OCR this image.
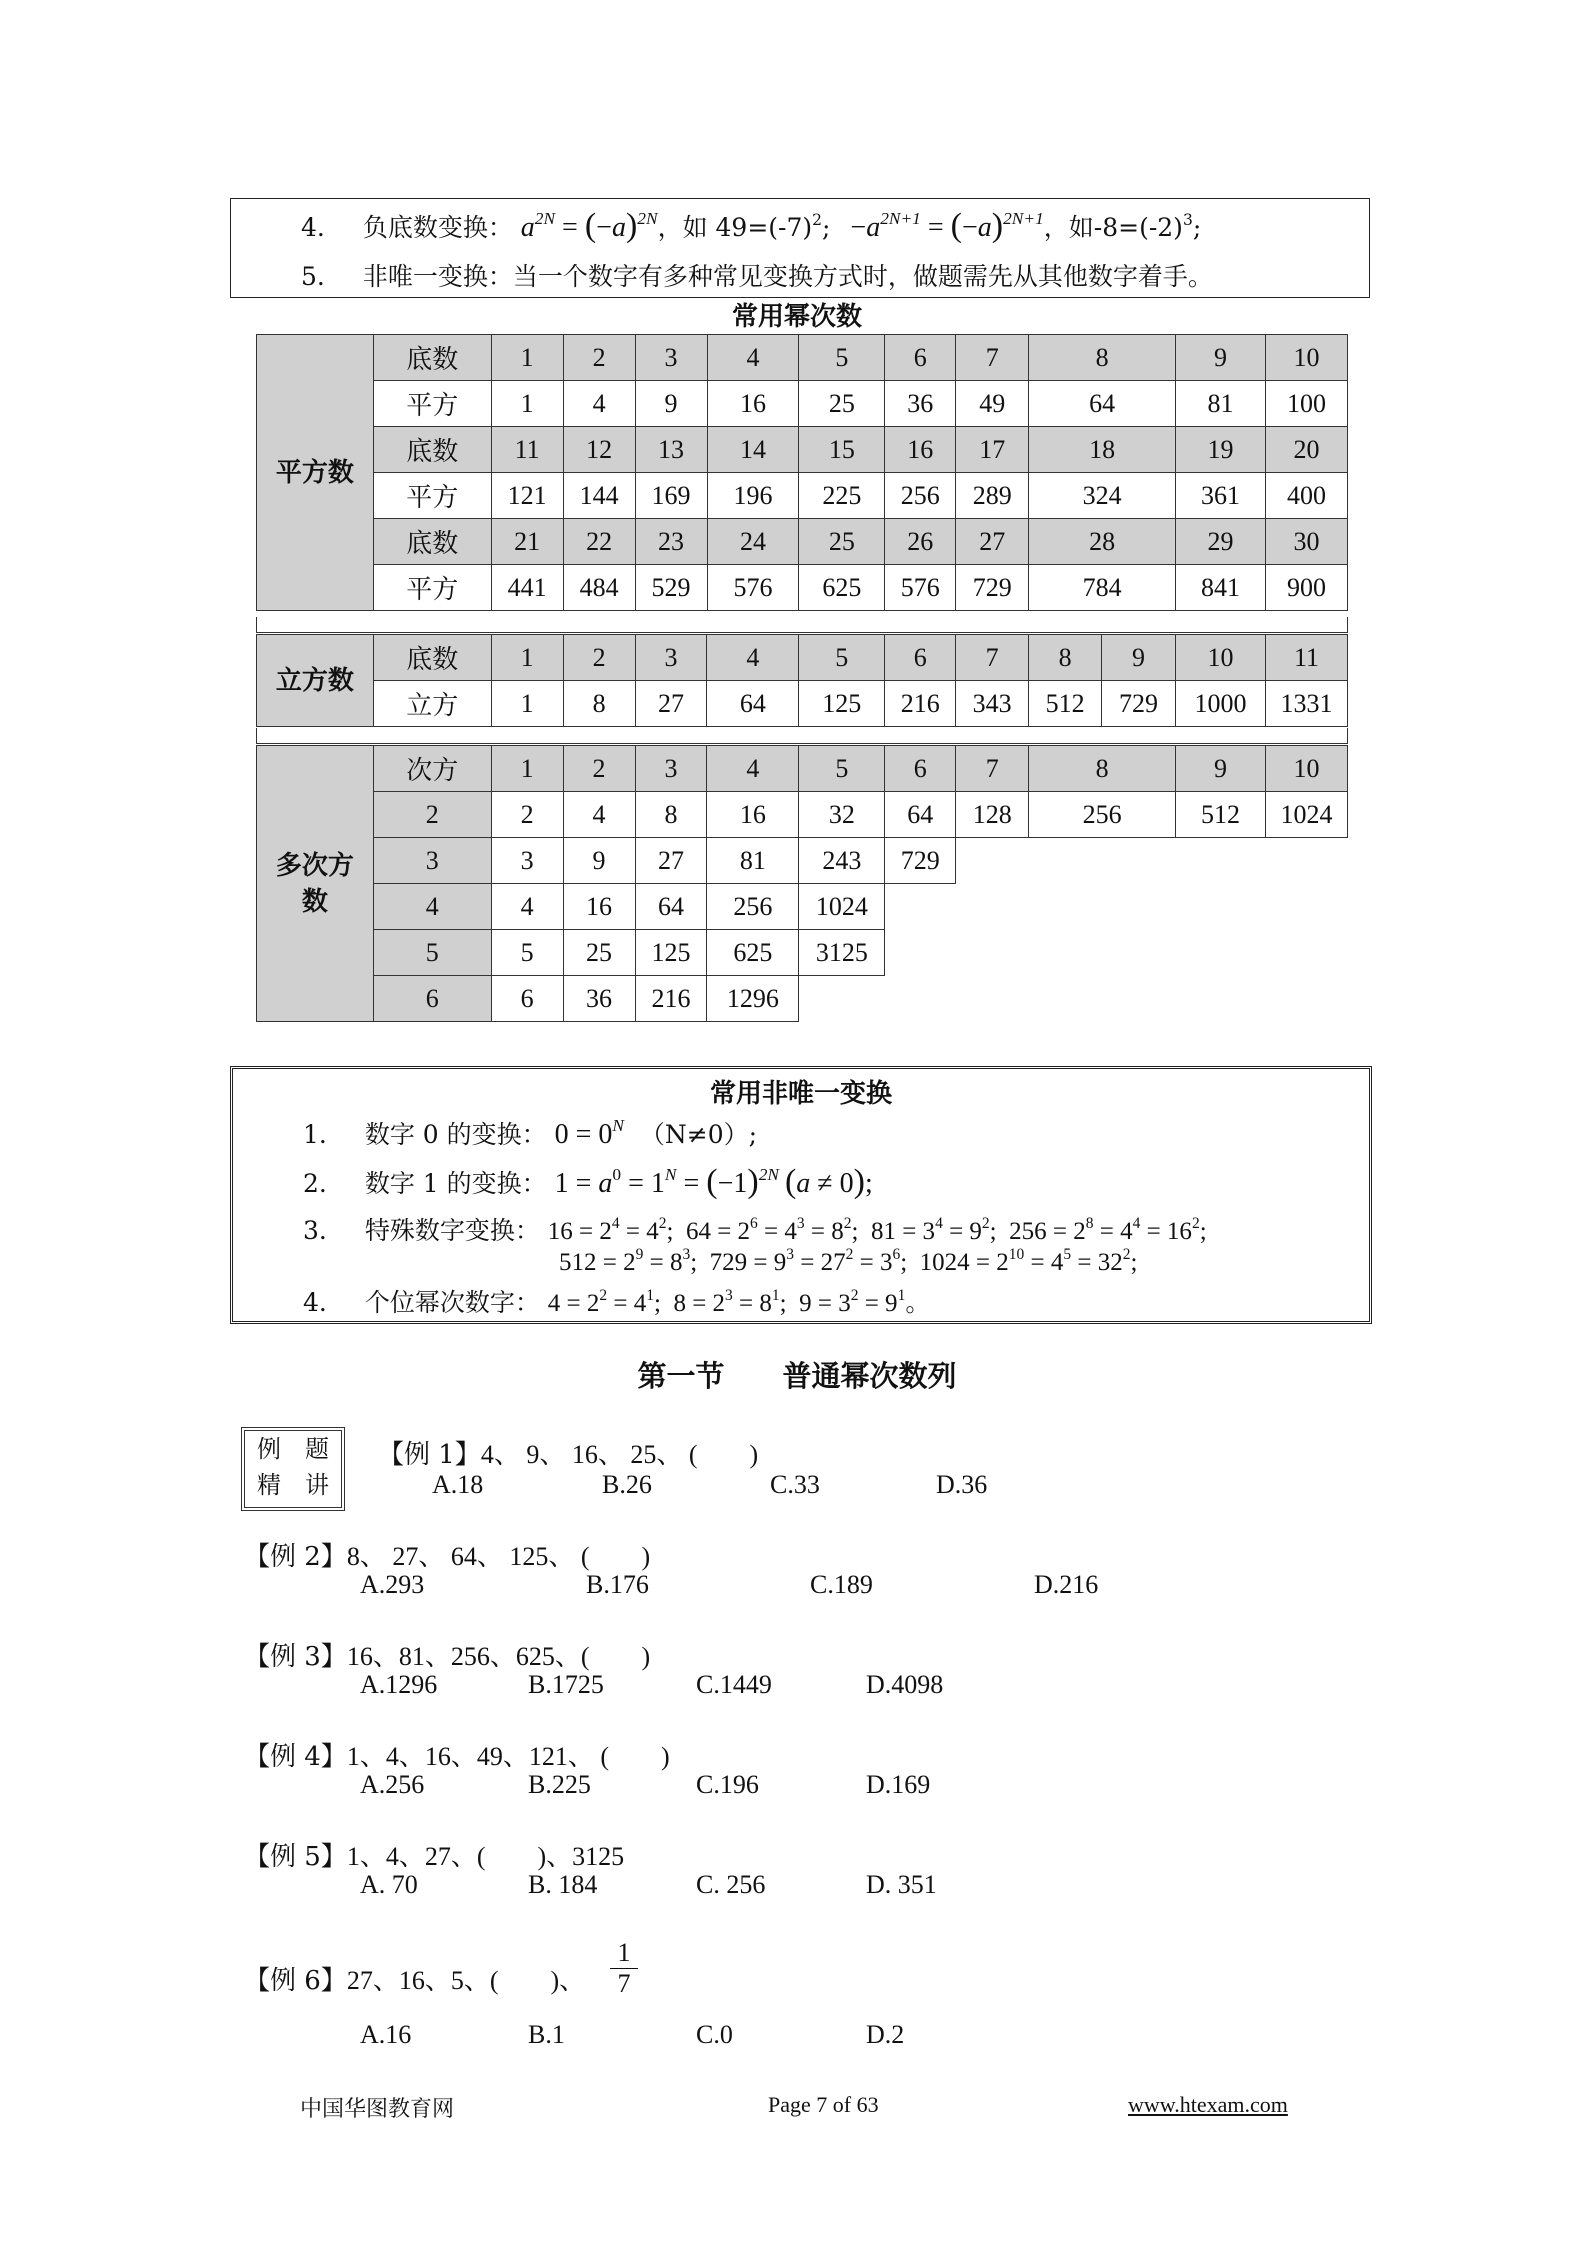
4. 负底数变换： $a^{2N} = (-a)^{2N}$，如 $49=(-7)^2$; $-a^{2N+1} = (-a)^{2N+1}$，如$-8=(-2)^3$;
5. 非唯一变换：当一个数字有多种常见变换方式时，做题需先从其他数字着手。
常用幂次数
平方数	底数	1	2	3	4	5	6	7	8	9	10
	平方	1	4	9	16	25	36	49	64	81	100
	底数	11	12	13	14	15	16	17	18	19	20
	平方	121	144	169	196	225	256	289	324	361	400
	底数	21	22	23	24	25	26	27	28	29	30
	平方	441	484	529	576	625	576	729	784	841	900
立方数	底数	1	2	3	4	5	6	7	8	9	10	11
	立方	1	8	27	64	125	216	343	512	729	1000	1331
多次方
数	次方	1	2	3	4	5	6	7	8	9	10
	2	2	4	8	16	32	64	128	256	512	1024
	3	3	9	27	81	243	729				
	4	4	16	64	256	1024					
	5	5	25	125	625	3125					
	6	6	36	216	1296						
常用非唯一变换
1. 数字 0 的变换： $0 = 0^N$ （N≠0）;
2. 数字 1 的变换： $1 = a^0 = 1^N = (-1)^{2N}$ (a ≠ 0);
3. 特殊数字变换： $16 = 2^4 = 4^2$;  $64 = 2^6 = 4^3 = 8^2$;  $81 = 3^4 = 9^2$;  $256 = 2^8 = 4^4 = 16^2$;
$512 = 2^9 = 8^3$;  $729 = 9^3 = 27^2 = 3^6$;  $1024 = 2^{10} = 4^5 = 32^2$;
4. 个位幂次数字： $4 = 2^2 = 4^1$;  $8 = 2^3 = 8^1$;  $9 = 3^2 = 9^1$。
第一节　　普通幂次数列
例　题
精　讲
【例 1】4、 9、 16、 25、 (　　)
A.18	B.26	C.33	D.36
【例 2】8、 27、 64、 125、 (　　)
A.293	B.176	C.189	D.216
【例 3】16、81、256、625、(　　)
A.1296	B.1725	C.1449	D.4098
【例 4】1、4、16、49、121、 (　　)
A.256	B.225	C.196	D.169
【例 5】1、4、27、(　　)、3125
A. 70	B. 184	C. 256	D. 351
【例 6】27、16、5、(　　)、 $\frac{1}{7}$
A.16	B.1	C.0	D.2
中国华图教育网	Page 7 of 63	www.htexam.com
